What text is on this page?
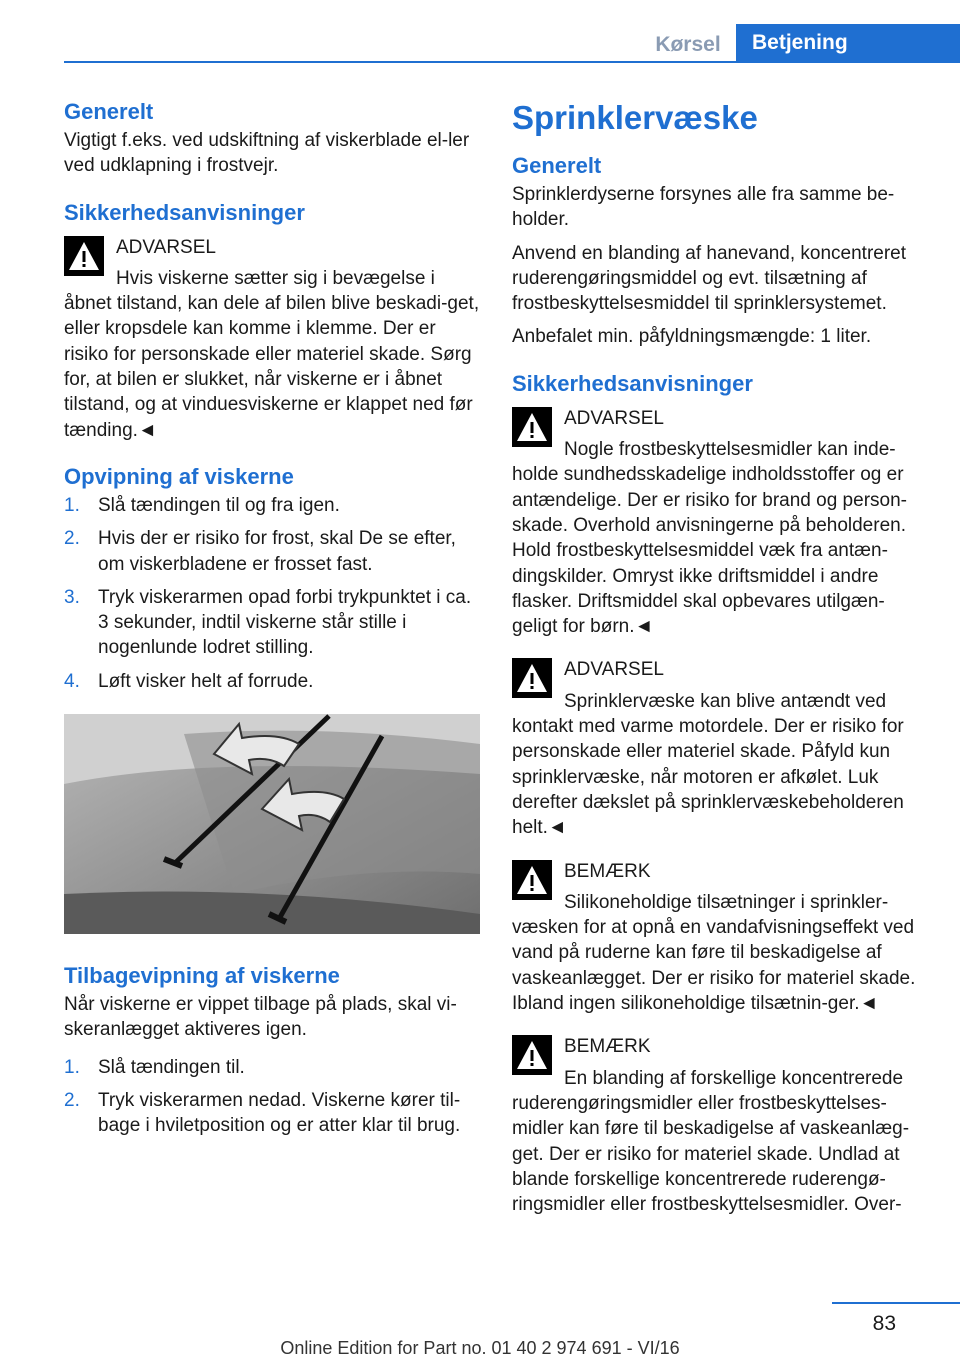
Kørsel	Betjening
Generelt

Vigtigt f.eks. ved udskiftning af viskerblade el-ler ved udklapning i frostvejr.

Sikkerhedsanvisninger
ADVARSEL
Hvis viskerne sætter sig i bevægelse i
åbnet tilstand, kan dele af bilen blive beskadi-get, eller kropsdele kan komme i klemme. Der er risiko for personskade eller materiel skade. Sørg for, at bilen er slukket, når viskerne er i åbnet tilstand, og at vinduesviskerne er klappet ned før tænding.◄
Opvipning af viskerne
1. Slå tændingen til og fra igen.
2. Hvis der er risiko for frost, skal De se efter, om viskerbladene er frosset fast.
3. Tryk viskerarmen opad forbi trykpunktet i ca. 3 sekunder, indtil viskerne står stille i nogenlunde lodret stilling.
4. Løft visker helt af forrude.
Tilbagevipning af viskerne

Når viskerne er vippet tilbage på plads, skal vi-skeranlægget aktiveres igen.

1. Slå tændingen til.
2. Tryk viskerarmen nedad. Viskerne kører til-bage i hviletposition og er atter klar til brug.
Sprinklervæske
Generelt

Sprinklerdyserne forsynes alle fra samme be-holder.

Anvend en blanding af hanevand, koncentreret ruderengøringsmiddel og evt. tilsætning af frostbeskyttelsesmiddel til sprinklersystemet.

Anbefalet min. påfyldningsmængde: 1 liter.

Sikkerhedsanvisninger
ADVARSEL
Nogle frostbeskyttelsesmidler kan inde-
holde sundhedsskadelige indholdsstoffer og er antændelige. Der er risiko for brand og person-skade. Overhold anvisningerne på beholderen. Hold frostbeskyttelsesmiddel væk fra antæn-dingskilder. Omryst ikke driftsmiddel i andre flasker. Driftsmiddel skal opbevares utilgæn-geligt for børn.◄
ADVARSEL
Sprinklervæske kan blive antændt ved
kontakt med varme motordele. Der er risiko for personskade eller materiel skade. Påfyld kun sprinklervæske, når motoren er afkølet. Luk derefter dækslet på sprinklervæskebeholderen helt.◄
BEMÆRK
Silikoneholdige tilsætninger i sprinkler-
væsken for at opnå en vandafvisningseffekt ved vand på ruderne kan føre til beskadigelse af vaskeanlægget. Der er risiko for materiel skade. Ibland ingen silikoneholdige tilsætnin-ger.◄
BEMÆRK
En blanding af forskellige koncentrerede
ruderengøringsmidler eller frostbeskyttelses-midler kan føre til beskadigelse af vaskeanlæg-get. Der er risiko for materiel skade. Undlad at blande forskellige koncentrerede ruderengø-ringsmidler eller frostbeskyttelsesmidler. Over-
83
Online Edition for Part no. 01 40 2 974 691 - VI/16
